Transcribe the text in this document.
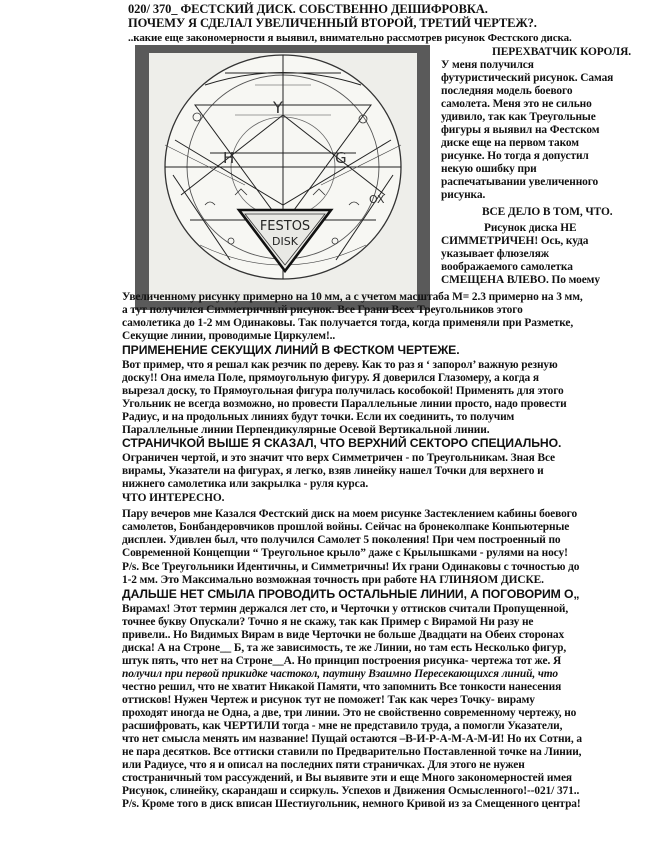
020/ 370_ ФЕСТСКИЙ ДИСК. СОБСТВЕННО ДЕШИФРОВКА.
ПОЧЕМУ Я СДЕЛАЛ УВЕЛИЧЕННЫЙ ВТОРОЙ, ТРЕТИЙ ЧЕРТЕЖ?.
..какие еще закономерности я выявил, внимательно рассмотрев рисунок Фестского диска.
Y
H	G
OX
FESTOS
DISK
ПЕРЕХВАТЧИК КОРОЛЯ.
У меня получился
футуристический рисунок. Самая
последняя модель боевого
самолета. Меня это не сильно
удивило, так как Треугольные
фигуры я выявил на Фестском
диске еще на первом таком
рисунке. Но тогда я допустил
некую ошибку при
распечатывании увеличенного
рисунка.
ВСЕ ДЕЛО В ТОМ, ЧТО.
Рисунок диска НЕ
СИММЕТРИЧЕН! Ось, куда
указывает флюзеляж
воображаемого самолетка
СМЕЩЕНА ВЛЕВО. По моему
Увеличенному рисунку примерно на 10 мм, а с учетом масштаба М= 2.3 примерно на 3 мм,
а тут получился Симметричный рисунок. Все Грани Всех Треугольников этого
самолетика до 1-2 мм Одинаковы. Так получается тогда, когда применяли при Разметке,
Секущие линии, проводимые Циркулем!..
ПРИМЕНЕНИЕ СЕКУЩИХ ЛИНИЙ В ФЕСТКОМ ЧЕРТЕЖЕ.
Вот пример, что я решал как резчик по дереву. Как то раз я ‘ запорол’ важную резную
доску!! Она имела Поле, прямоугольную фигуру. Я доверился Глазомеру, а когда я
вырезал доску, то Прямоугольная фигура получилась кособокой! Применять для этого
Угольник не всегда возможно, но провести Параллельные линии просто, надо провести
Радиус, и на продольных линиях будут точки. Если их соединить, то получим
Параллельные линии Перпендикулярные Осевой Вертикальной линии.
СТРАНИЧКОЙ ВЫШЕ Я СКАЗАЛ, ЧТО ВЕРХНИЙ СЕКТОРО СПЕЦИАЛЬНО.
Ограничен чертой, и это значит что верх Симметричен - по Треугольникам. Зная Все
вирамы, Указатели на фигурах, я легко, взяв линейку нашел Точки для верхнего и
нижнего самолетика или закрылка - руля курса.
ЧТО ИНТЕРЕСНО.
Пару вечеров мне Казался Фестский диск на моем рисунке Застеклением кабины боевого
самолетов, Бонбандеровчиков прошлой войны. Сейчас на бронеколпаке Конпьютерные
дисплеи. Удивлен был, что получился Самолет 5 поколения! При чем построенный по
Современной Концепции “ Треугольное крыло” даже с Крылышками - рулями на носу!
P/s. Все Треугольники Идентичны, и Симметричны! Их грани Одинаковы с точностью до
1-2 мм. Это Максимально возможная точность при работе НА ГЛИНЯОМ ДИСКЕ.
ДАЛЬШЕ НЕТ СМЫЛА ПРОВОДИТЬ ОСТАЛЬНЫЕ ЛИНИИ, А ПОГОВОРИМ О„
Вирамах! Этот термин держался лет сто, и Черточки у оттисков считали Пропущенной,
точнее букву Опускали? Точно я не скажу, так как Пример с Вирамой Ни разу не
привели.. Но Видимых Вирам в виде Черточки не больше Двадцати на Обеих сторонах
диска! А на Строне__ Б, та же зависимость, те же Линии, но там есть Несколько фигур,
штук пять, что нет на Строне__А. Но принцип построения рисунка- чертежа тот же. Я
получил при первой прикидке частокол, паутину Взаимно Пересекающихся линий, что
честно решил, что не хватит Никакой Памяти, что запомнить Все тонкости нанесения
оттисков! Нужен Чертеж и рисунок тут не поможет! Так как через Точку- вираму
проходят иногда не Одна, а две, три линии. Это не свойственно современному чертежу, но
расшифровать, как ЧЕРТИЛИ тогда - мне не представило труда, а помогли Указатели,
что нет смысла менять им название! Пущай остаются –В-И-Р-А-М-А-М-И! Но их Сотни, а
не пара десятков. Все оттиски ставили по Предварительно Поставленной точке на Линии,
или Радиусе, что я и описал на последних пяти страничках. Для этого не нужен
стостраничный том рассуждений, и Вы выявите эти и еще Много закономерностей имея
Рисунок, слинейку, скарандаш и ссиркуль. Успехов и Движения Осмысленного!--021/ 371..
P/s. Кроме того в диск вписан Шестиугольник, немного Кривой из за Смещенного центра!
